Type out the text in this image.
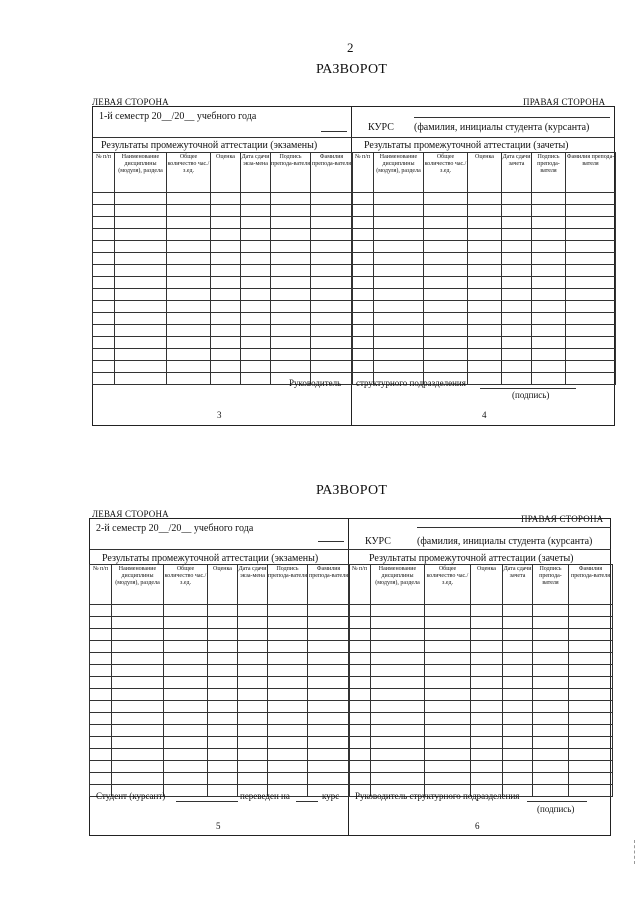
2
РАЗВОРОТ
ЛЕВАЯ СТОРОНА	ПРАВАЯ СТОРОНА
1-й семестр 20__/20__ учебного года
Результаты промежуточной аттестации (экзамены)
№ п/п	Наименование дисциплины (модуля), раздела	Общее количество час./ з.ед.	Оценка	Дата сдачи экза-мена	Подпись препода-вателя	Фамилия препода-вателя

Руководитель
3
КУРС (фамилия, инициалы студента (курсанта)
Результаты промежуточной аттестации (зачеты)
№ п/п	Наименование дисциплины (модуля), раздела	Общее количество час./ з.ед.	Оценка	Дата сдачи зачета	Подпись препода-вателя	Фамилия препода-вателя

структурного подразделения
(подпись)
4
РАЗВОРОТ
ЛЕВАЯ СТОРОНА	ПРАВАЯ СТОРОНА
2-й семестр 20__/20__ учебного года
Результаты промежуточной аттестации (экзамены)
№ п/п	Наименование дисциплины (модуля), раздела	Общее количество час./ з.ед.	Оценка	Дата сдачи экза-мена	Подпись препода-вателя	Фамилия препода-вателя

Студент (курсант)	переведен на	курс
5
КУРС	(фамилия, инициалы студента (курсанта)
Результаты промежуточной аттестации (зачеты)
№ п/п	Наименование дисциплины (модуля), раздела	Общее количество час./ з.ед.	Оценка	Дата сдачи зачета	Подпись препода-вателя	Фамилия препода-вателя

Руководитель структурного подразделения
(подпись)
6
